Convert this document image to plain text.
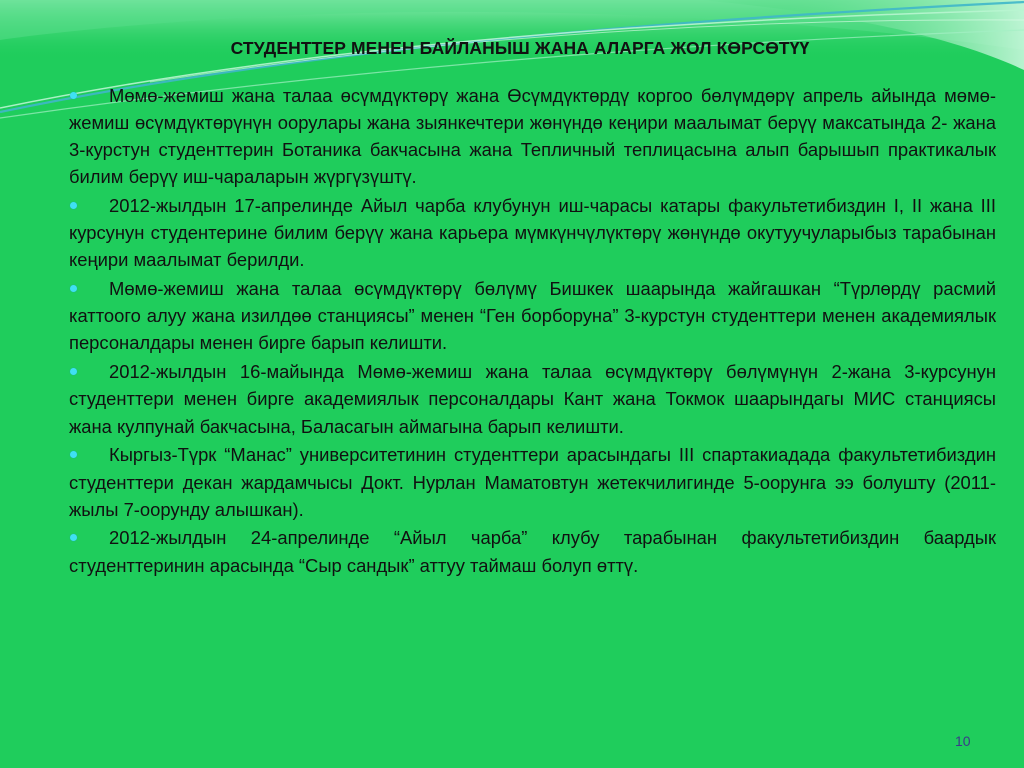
СТУДЕНТТЕР МЕНЕН БАЙЛАНЫШ ЖАНА АЛАРГА ЖОЛ КӨРСӨТҮҮ
Мөмө-жемиш жана талаа өсүмдүктөрү жана Өсүмдүктөрдү коргоо бөлүмдөрү апрель айында мөмө-жемиш өсүмдүктөрүнүн оорулары жана зыянкечтери жөнүндө кеңири маалымат берүү максатында 2- жана 3-курстун студенттерин Ботаника бакчасына жана Тепличный теплицасына алып барышып практикалык билим берүү иш-чараларын жүргүзүштү.
2012-жылдын 17-апрелинде Айыл чарба клубунун иш-чарасы катары факультетибиздин I, II жана III курсунун студентерине билим берүү жана карьера мүмкүнчүлүктөрү жөнүндө окутуучуларыбыз тарабынан кеңири маалымат берилди.
Мөмө-жемиш жана талаа өсүмдүктөрү бөлүмү Бишкек шаарында жайгашкан “Түрлөрдү расмий каттоого алуу жана изилдөө станциясы” менен “Ген борборуна” 3-курстун студенттери менен академиялык персоналдары менен бирге барып келишти.
2012-жылдын 16-майында Мөмө-жемиш жана талаа өсүмдүктөрү бөлүмүнүн 2-жана 3-курсунун студенттери менен бирге академиялык персоналдары Кант жана Токмок шаарындагы МИС станциясы жана кулпунай бакчасына, Баласагын аймагына барып келишти.
Кыргыз-Түрк “Манас” университетинин студенттери арасындагы III спартакиадада факультетибиздин студенттери декан жардамчысы Докт. Нурлан Маматовтун жетекчилигинде 5-оорунга ээ болушту (2011-жылы 7-оорунду алышкан).
2012-жылдын 24-апрелинде “Айыл чарба” клубу тарабынан факультетибиздин баардык студенттеринин арасында “Сыр сандык” аттуу таймаш болуп өттү.
10
